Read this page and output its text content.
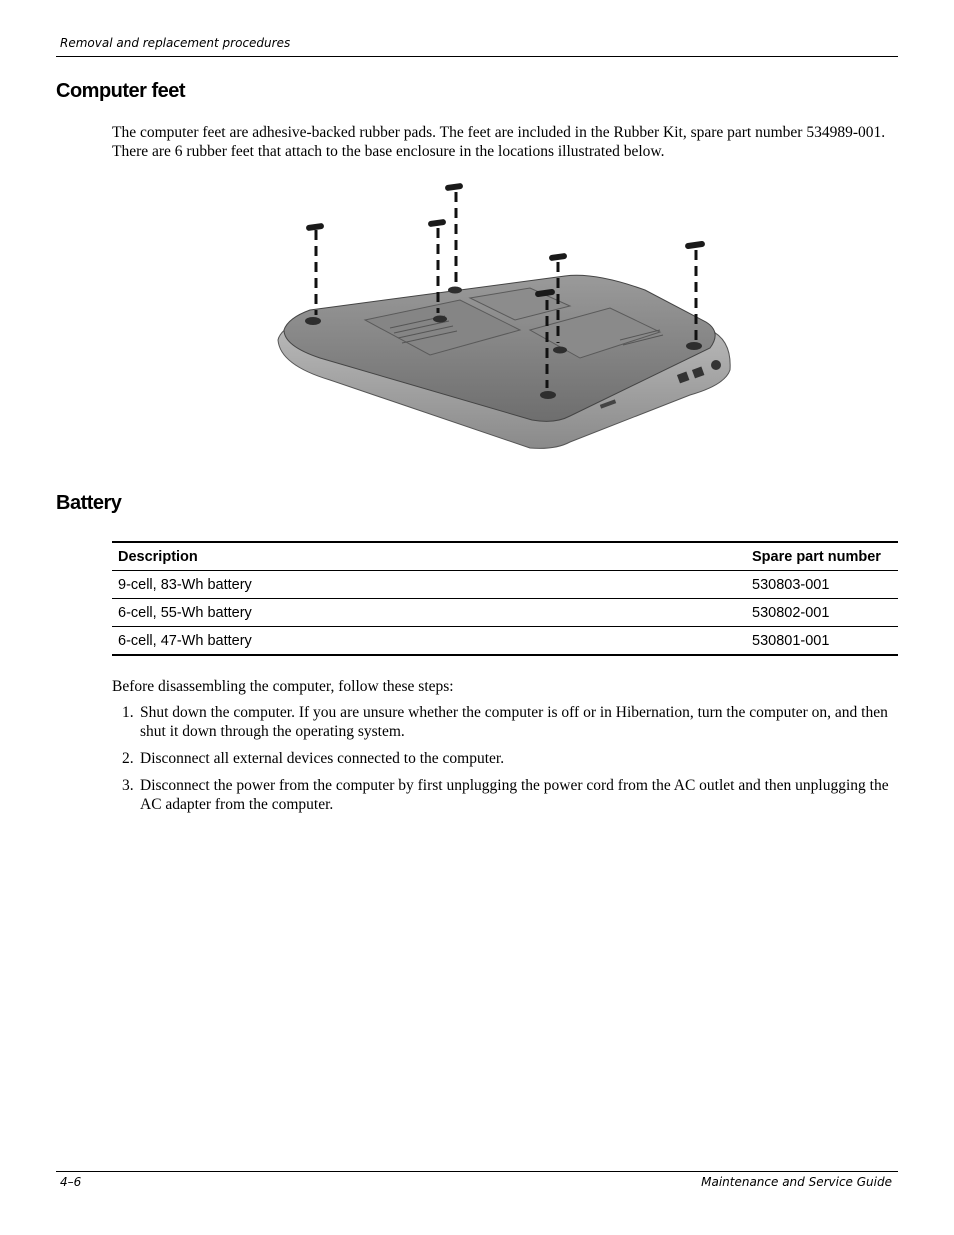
Removal and replacement procedures
Computer feet
The computer feet are adhesive-backed rubber pads. The feet are included in the Rubber Kit, spare part number 534989-001. There are 6 rubber feet that attach to the base enclosure in the locations illustrated below.
Battery
Description	Spare part number
9-cell, 83-Wh battery	530803-001
6-cell, 55-Wh battery	530802-001
6-cell, 47-Wh battery	530801-001
Before disassembling the computer, follow these steps:
1. Shut down the computer. If you are unsure whether the computer is off or in Hibernation, turn the computer on, and then shut it down through the operating system.
2. Disconnect all external devices connected to the computer.
3. Disconnect the power from the computer by first unplugging the power cord from the AC outlet and then unplugging the AC adapter from the computer.
4–6	Maintenance and Service Guide
